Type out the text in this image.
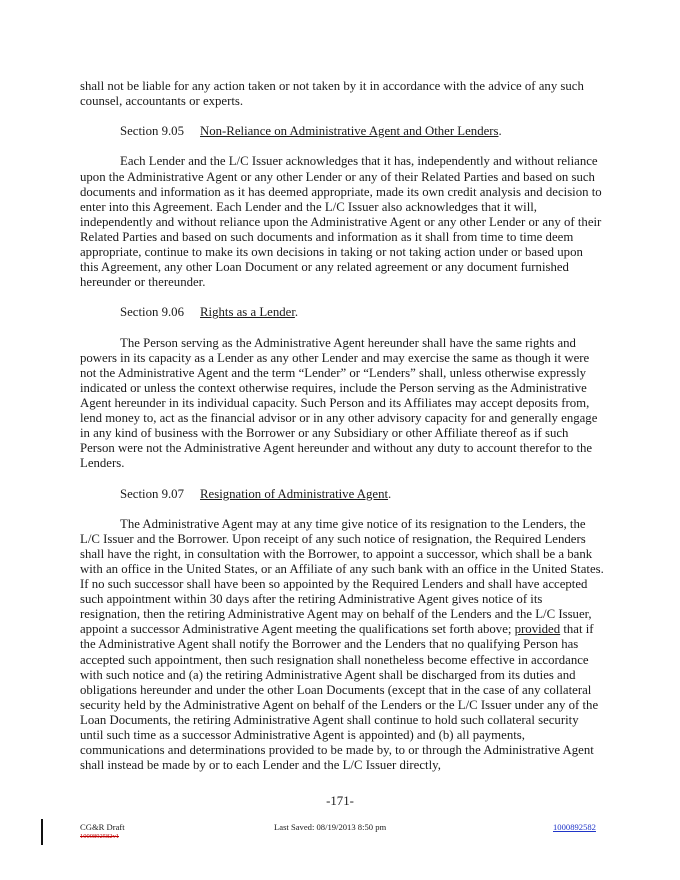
shall not be liable for any action taken or not taken by it in accordance with the advice of any such counsel, accountants or experts.

Section 9.05 Non-Reliance on Administrative Agent and Other Lenders.

Each Lender and the L/C Issuer acknowledges that it has, independently and without reliance upon the Administrative Agent or any other Lender or any of their Related Parties and based on such documents and information as it has deemed appropriate, made its own credit analysis and decision to enter into this Agreement. Each Lender and the L/C Issuer also acknowledges that it will, independently and without reliance upon the Administrative Agent or any other Lender or any of their Related Parties and based on such documents and information as it shall from time to time deem appropriate, continue to make its own decisions in taking or not taking action under or based upon this Agreement, any other Loan Document or any related agreement or any document furnished hereunder or thereunder.

Section 9.06 Rights as a Lender.

The Person serving as the Administrative Agent hereunder shall have the same rights and powers in its capacity as a Lender as any other Lender and may exercise the same as though it were not the Administrative Agent and the term “Lender” or “Lenders” shall, unless otherwise expressly indicated or unless the context otherwise requires, include the Person serving as the Administrative Agent hereunder in its individual capacity. Such Person and its Affiliates may accept deposits from, lend money to, act as the financial advisor or in any other advisory capacity for and generally engage in any kind of business with the Borrower or any Subsidiary or other Affiliate thereof as if such Person were not the Administrative Agent hereunder and without any duty to account therefor to the Lenders.

Section 9.07 Resignation of Administrative Agent.

The Administrative Agent may at any time give notice of its resignation to the Lenders, the L/C Issuer and the Borrower. Upon receipt of any such notice of resignation, the Required Lenders shall have the right, in consultation with the Borrower, to appoint a successor, which shall be a bank with an office in the United States, or an Affiliate of any such bank with an office in the United States. If no such successor shall have been so appointed by the Required Lenders and shall have accepted such appointment within 30 days after the retiring Administrative Agent gives notice of its resignation, then the retiring Administrative Agent may on behalf of the Lenders and the L/C Issuer, appoint a successor Administrative Agent meeting the qualifications set forth above; provided that if the Administrative Agent shall notify the Borrower and the Lenders that no qualifying Person has accepted such appointment, then such resignation shall nonetheless become effective in accordance with such notice and (a) the retiring Administrative Agent shall be discharged from its duties and obligations hereunder and under the other Loan Documents (except that in the case of any collateral security held by the Administrative Agent on behalf of the Lenders or the L/C Issuer under any of the Loan Documents, the retiring Administrative Agent shall continue to hold such collateral security until such time as a successor Administrative Agent is appointed) and (b) all payments, communications and determinations provided to be made by, to or through the Administrative Agent shall instead be made by or to each Lender and the L/C Issuer directly,

-171-
CG&R Draft
1000892582v1
Last Saved: 08/19/2013 8:50 pm	1000892582
